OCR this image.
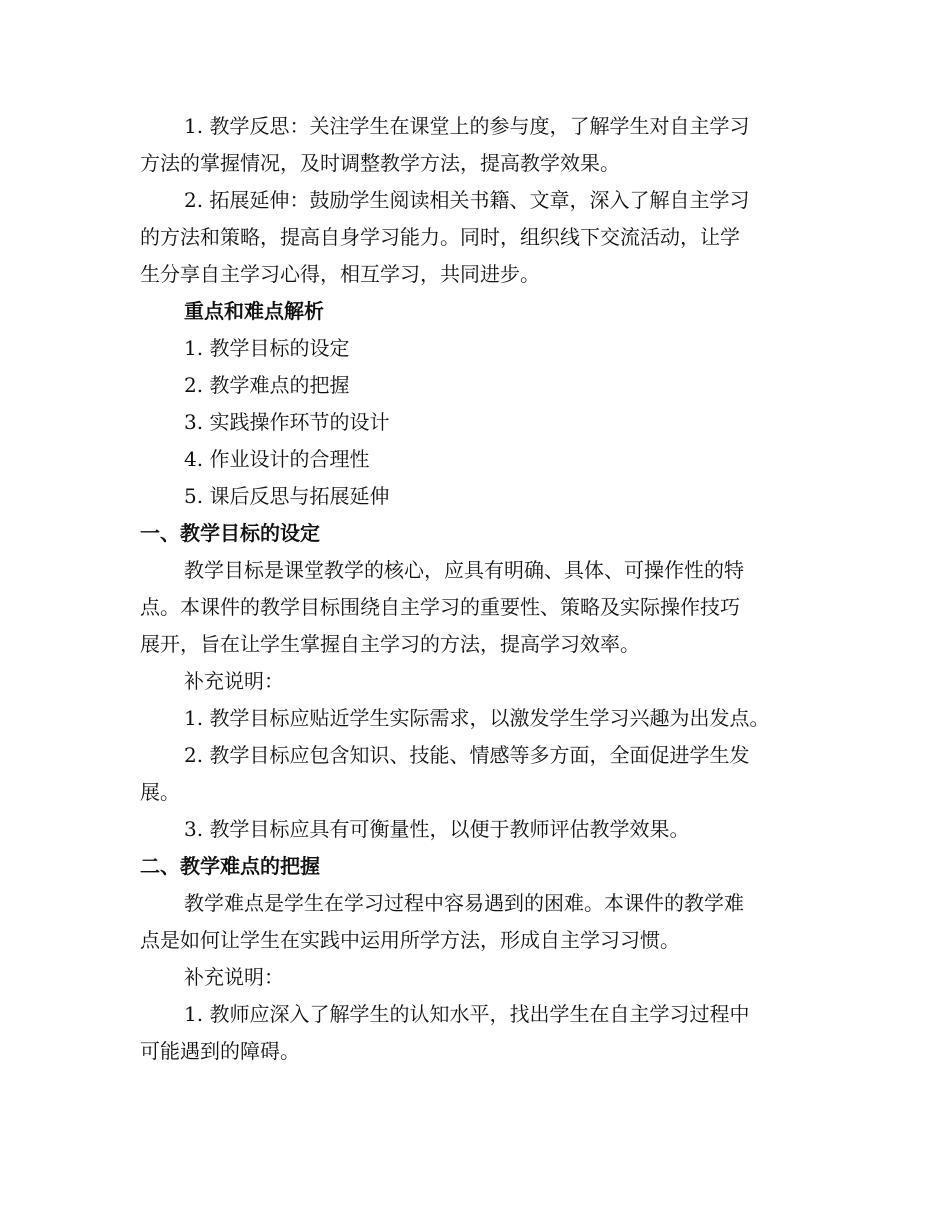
1. 教学反思：关注学生在课堂上的参与度，了解学生对自主学习
方法的掌握情况，及时调整教学方法，提高教学效果。
2. 拓展延伸：鼓励学生阅读相关书籍、文章，深入了解自主学习
的方法和策略，提高自身学习能力。同时，组织线下交流活动，让学
生分享自主学习心得，相互学习，共同进步。
重点和难点解析
1. 教学目标的设定
2. 教学难点的把握
3. 实践操作环节的设计
4. 作业设计的合理性
5. 课后反思与拓展延伸
一、教学目标的设定
教学目标是课堂教学的核心，应具有明确、具体、可操作性的特
点。本课件的教学目标围绕自主学习的重要性、策略及实际操作技巧
展开，旨在让学生掌握自主学习的方法，提高学习效率。
补充说明：
1. 教学目标应贴近学生实际需求，以激发学生学习兴趣为出发点。
2. 教学目标应包含知识、技能、情感等多方面，全面促进学生发
展。
3. 教学目标应具有可衡量性，以便于教师评估教学效果。
二、教学难点的把握
教学难点是学生在学习过程中容易遇到的困难。本课件的教学难
点是如何让学生在实践中运用所学方法，形成自主学习习惯。
补充说明：
1. 教师应深入了解学生的认知水平，找出学生在自主学习过程中
可能遇到的障碍。
